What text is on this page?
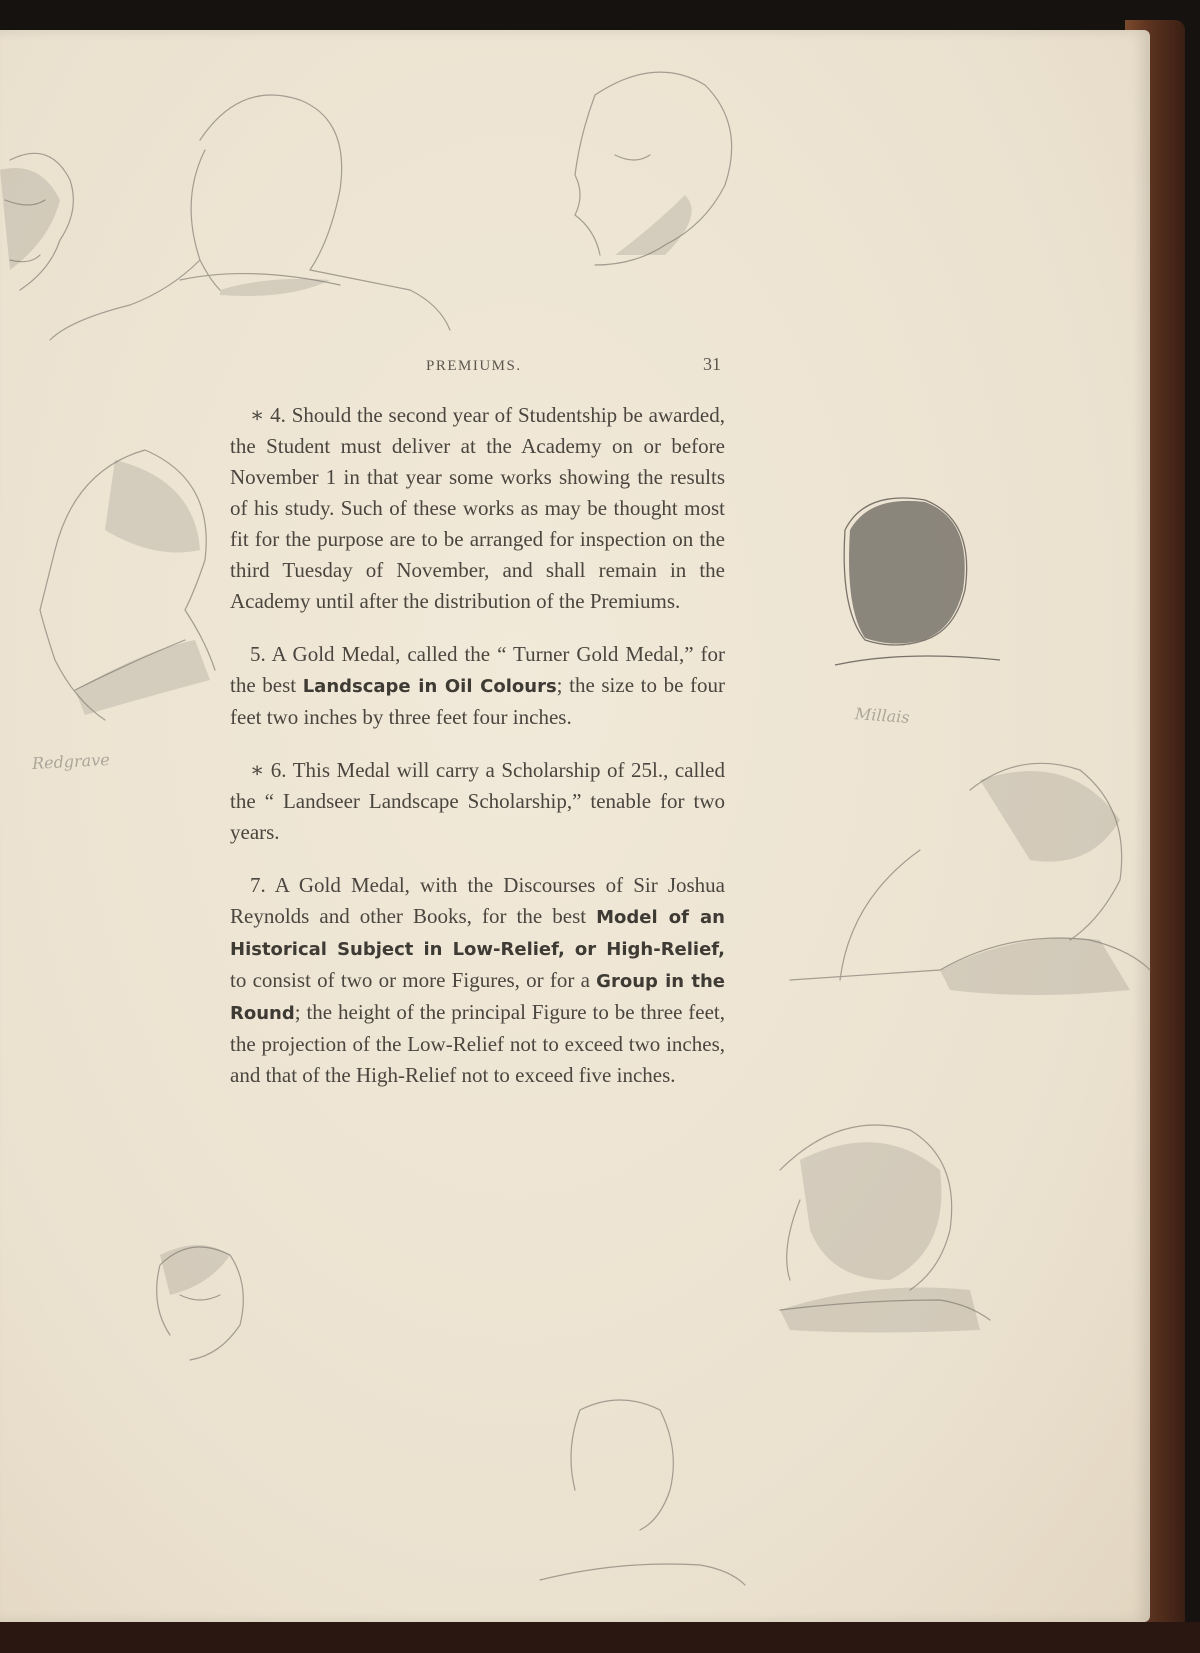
Redgrave
Millais
PREMIUMS.	31

∗ 4. Should the second year of Studentship be awarded, the Student must deliver at the Academy on or before November 1 in that year some works showing the results of his study. Such of these works as may be thought most fit for the purpose are to be arranged for inspection on the third Tuesday of November, and shall remain in the Academy until after the distribution of the Premiums.

5. A Gold Medal, called the “ Turner Gold Medal,” for the best Landscape in Oil Colours; the size to be four feet two inches by three feet four inches.

∗ 6. This Medal will carry a Scholarship of 25l., called the “ Landseer Landscape Scholarship,” tenable for two years.

7. A Gold Medal, with the Discourses of Sir Joshua Reynolds and other Books, for the best Model of an Historical Subject in Low-Relief, or High-Relief, to consist of two or more Figures, or for a Group in the Round; the height of the principal Figure to be three feet, the projection of the Low-Relief not to exceed two inches, and that of the High-Relief not to exceed five inches.
